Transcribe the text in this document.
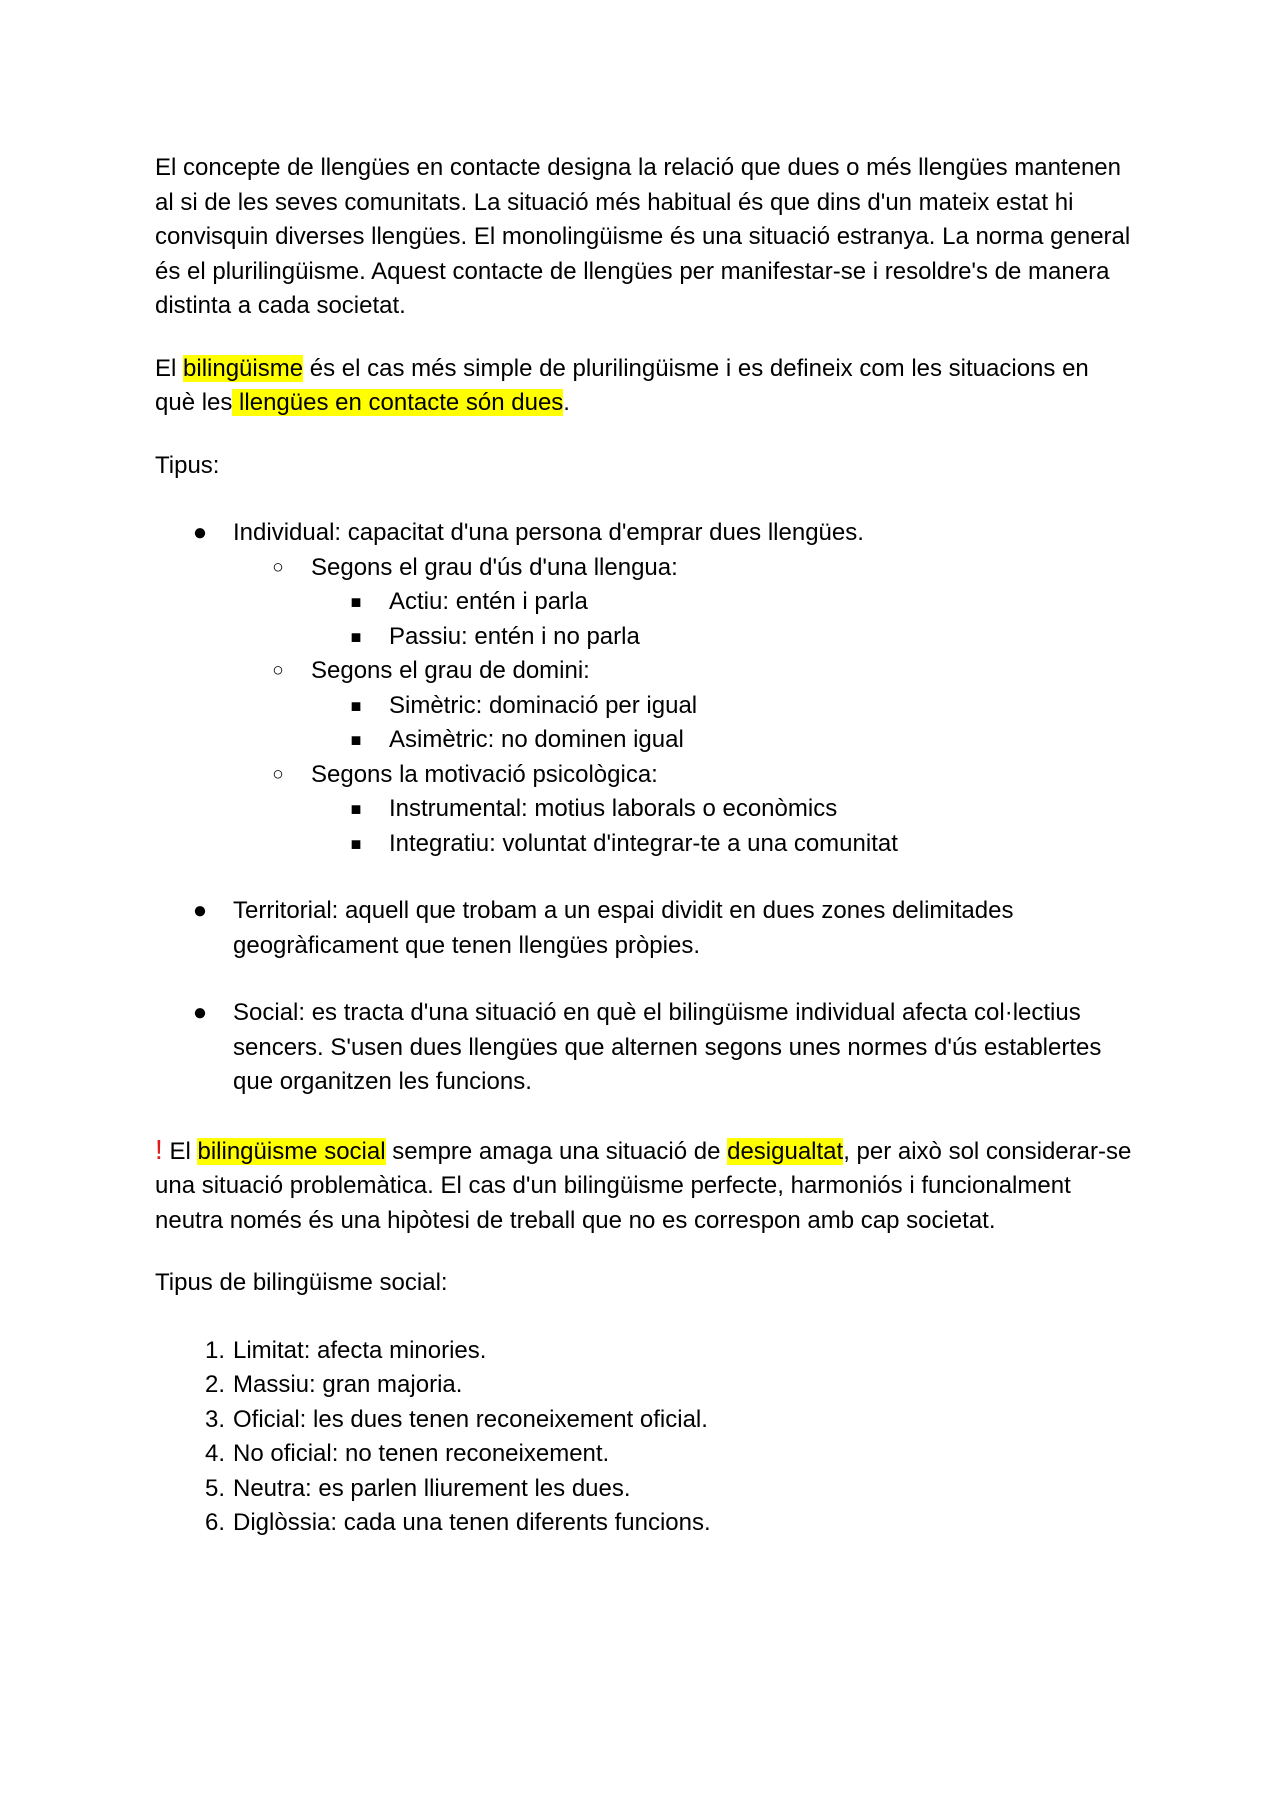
El concepte de llengües en contacte designa la relació que dues o més llengües mantenen al si de les seves comunitats. La situació més habitual és que dins d'un mateix estat hi convisquin diverses llengües. El monolingüisme és una situació estranya. La norma general és el plurilingüisme. Aquest contacte de llengües per manifestar-se i resoldre's de manera distinta a cada societat.

El bilingüisme és el cas més simple de plurilingüisme i es defineix com les situacions en què les llengües en contacte són dues.

Tipus:

●	Individual: capacitat d'una persona d'emprar dues llengües.
○	Segons el grau d'ús d'una llengua:
■	Actiu: entén i parla
■	Passiu: entén i no parla
○	Segons el grau de domini:
■	Simètric: dominació per igual
■	Asimètric: no dominen igual
○	Segons la motivació psicològica:
■	Instrumental: motius laborals o econòmics
■	Integratiu: voluntat d'integrar-te a una comunitat
●	Territorial: aquell que trobam a un espai dividit en dues zones delimitades geogràficament que tenen llengües pròpies.
●	Social: es tracta d'una situació en què el bilingüisme individual afecta col·lectius sencers. S'usen dues llengües que alternen segons unes normes d'ús establertes que organitzen les funcions.

! El bilingüisme social sempre amaga una situació de desigualtat, per això sol considerar-se una situació problemàtica. El cas d'un bilingüisme perfecte, harmoniós i funcionalment neutra només és una hipòtesi de treball que no es correspon amb cap societat.

Tipus de bilingüisme social:

1. Limitat: afecta minories.
2. Massiu: gran majoria.
3. Oficial: les dues tenen reconeixement oficial.
4. No oficial: no tenen reconeixement.
5. Neutra: es parlen lliurement les dues.
6. Diglòssia: cada una tenen diferents funcions.
